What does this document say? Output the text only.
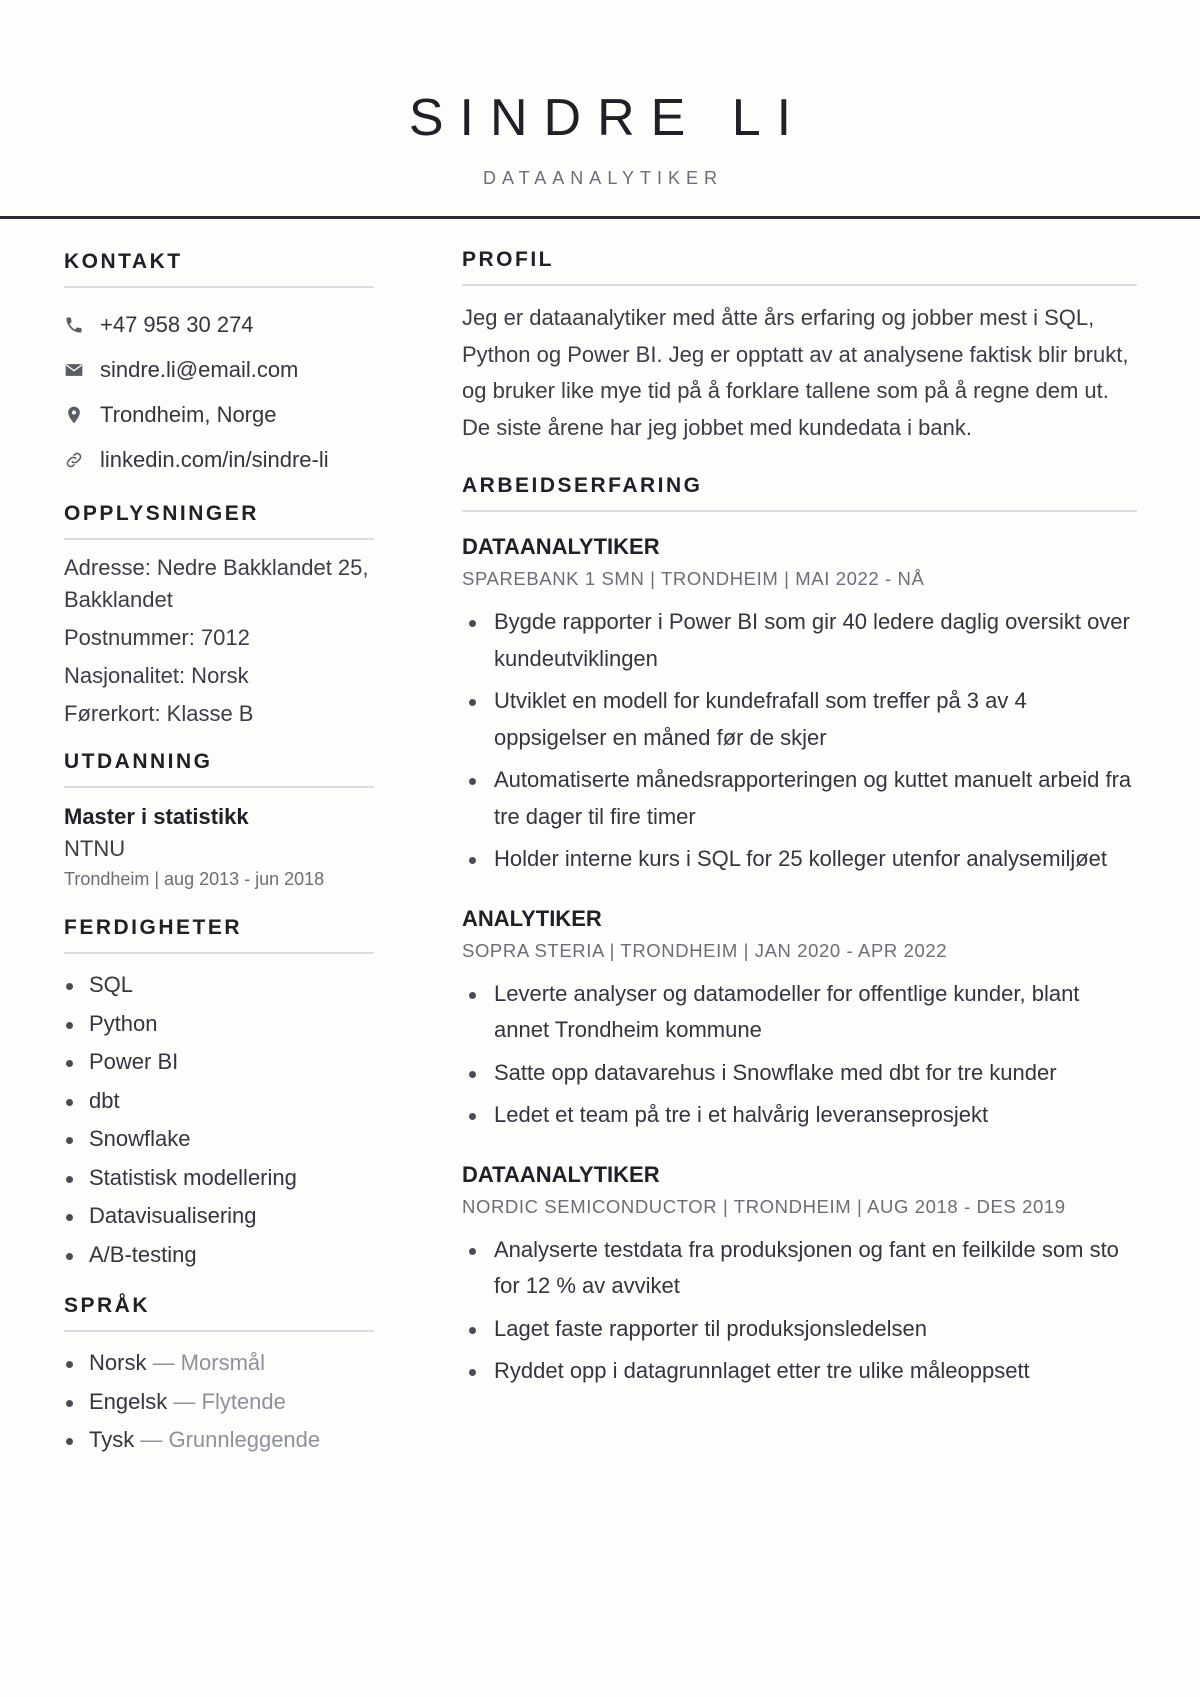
SINDRE LI
DATAANALYTIKER
KONTAKT
+47 958 30 274
sindre.li@email.com
Trondheim, Norge
linkedin.com/in/sindre-li
OPPLYSNINGER

Adresse: Nedre Bakklandet 25, Bakklandet

Postnummer: 7012

Nasjonalitet: Norsk

Førerkort: Klasse B

UTDANNING
Master i statistikk
NTNU
Trondheim | aug 2013 - jun 2018
FERDIGHETER
SQL
Python
Power BI
dbt
Snowflake
Statistisk modellering
Datavisualisering
A/B-testing
SPRÅK
Norsk — Morsmål
Engelsk — Flytende
Tysk — Grunnleggende
PROFIL

Jeg er dataanalytiker med åtte års erfaring og jobber mest i SQL, Python og Power BI. Jeg er opptatt av at analysene faktisk blir brukt, og bruker like mye tid på å forklare tallene som på å regne dem ut. De siste årene har jeg jobbet med kundedata i bank.

ARBEIDSERFARING
DATAANALYTIKER
SPAREBANK 1 SMN | TRONDHEIM | MAI 2022 - NÅ
Bygde rapporter i Power BI som gir 40 ledere daglig oversikt over kundeutviklingen
Utviklet en modell for kundefrafall som treffer på 3 av 4 oppsigelser en måned før de skjer
Automatiserte månedsrapporteringen og kuttet manuelt arbeid fra tre dager til fire timer
Holder interne kurs i SQL for 25 kolleger utenfor analysemiljøet
ANALYTIKER
SOPRA STERIA | TRONDHEIM | JAN 2020 - APR 2022
Leverte analyser og datamodeller for offentlige kunder, blant annet Trondheim kommune
Satte opp datavarehus i Snowflake med dbt for tre kunder
Ledet et team på tre i et halvårig leveranseprosjekt
DATAANALYTIKER
NORDIC SEMICONDUCTOR | TRONDHEIM | AUG 2018 - DES 2019
Analyserte testdata fra produksjonen og fant en feilkilde som sto for 12 % av avviket
Laget faste rapporter til produksjonsledelsen
Ryddet opp i datagrunnlaget etter tre ulike måleoppsett
